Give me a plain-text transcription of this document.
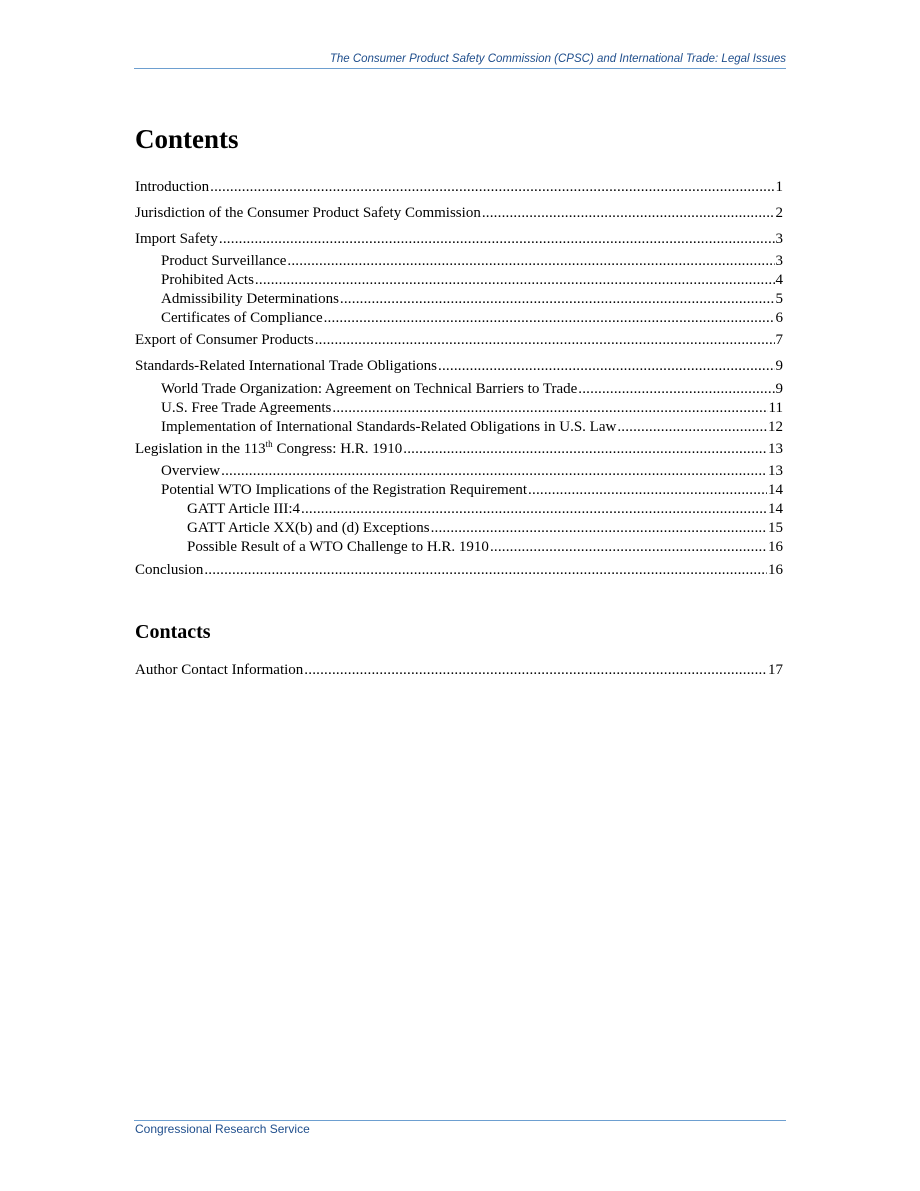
The Consumer Product Safety Commission (CPSC) and International Trade: Legal Issues
Contents
Introduction .....	1
Jurisdiction of the Consumer Product Safety Commission .....	2
Import Safety .....	3
Product Surveillance .....	3
Prohibited Acts .....	4
Admissibility Determinations .....	5
Certificates of Compliance .....	6
Export of Consumer Products .....	7
Standards-Related International Trade Obligations .....	9
World Trade Organization: Agreement on Technical Barriers to Trade .....	9
U.S. Free Trade Agreements .....	11
Implementation of International Standards-Related Obligations in U.S. Law .....	12
Legislation in the 113th Congress: H.R. 1910 .....	13
Overview .....	13
Potential WTO Implications of the Registration Requirement .....	14
GATT Article III:4 .....	14
GATT Article XX(b) and (d) Exceptions .....	15
Possible Result of a WTO Challenge to H.R. 1910 .....	16
Conclusion .....	16
Contacts
Author Contact Information .....	17
Congressional Research Service
